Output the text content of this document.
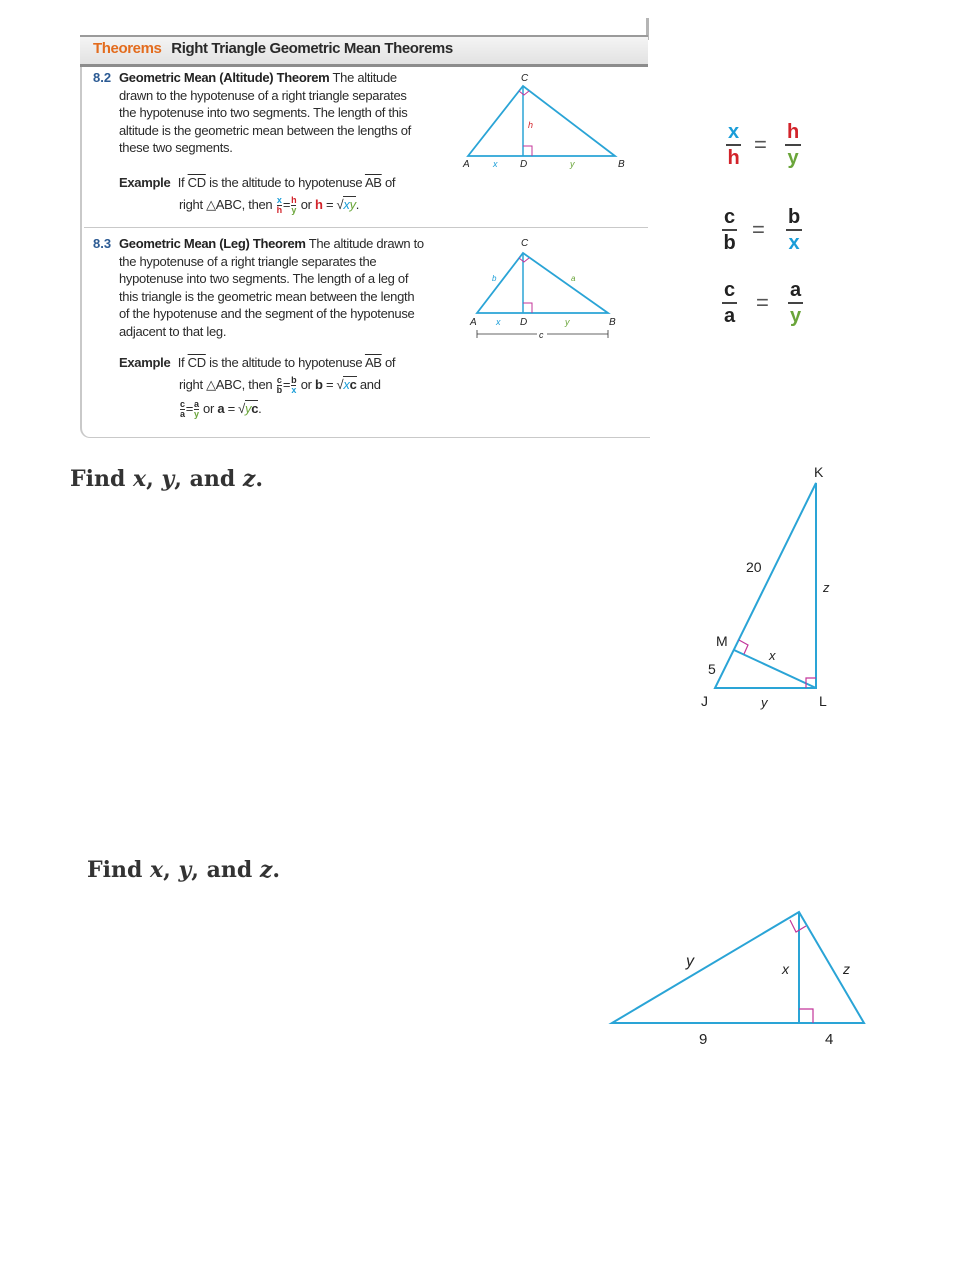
Theorems Right Triangle Geometric Mean Theorems
8.2 Geometric Mean (Altitude) Theorem The altitude drawn to the hypotenuse of a right triangle separates the hypotenuse into two segments. The length of this altitude is the geometric mean between the lengths of these two segments.
Example If $\overline{CD}$ is the altitude to hypotenuse $\overline{AB}$ of
right △ABC, then $\frac{x}{h} = \frac{h}{y}$ or h = √xy.
C
A	B
D
x	y
h
8.3 Geometric Mean (Leg) Theorem The altitude drawn to the hypotenuse of a right triangle separates the hypotenuse into two segments. The length of a leg of this triangle is the geometric mean between the length of the hypotenuse and the segment of the hypotenuse adjacent to that leg.
Example If $\overline{CD}$ is the altitude to hypotenuse $\overline{AB}$ of
right △ABC, then $\frac{c}{b} = \frac{b}{x}$ or b = √xc and
$\frac{c}{a} = \frac{a}{y}$ or a = √yc.
C
A	B
D
x	y
b	a
c
x
h
= h
y
c
b
= b
x
c
a
= a
y
Find x, y, and z.	K
M
J	L
20
5
x
y
z
Find x, y, and z.
y	x	z
9	4
